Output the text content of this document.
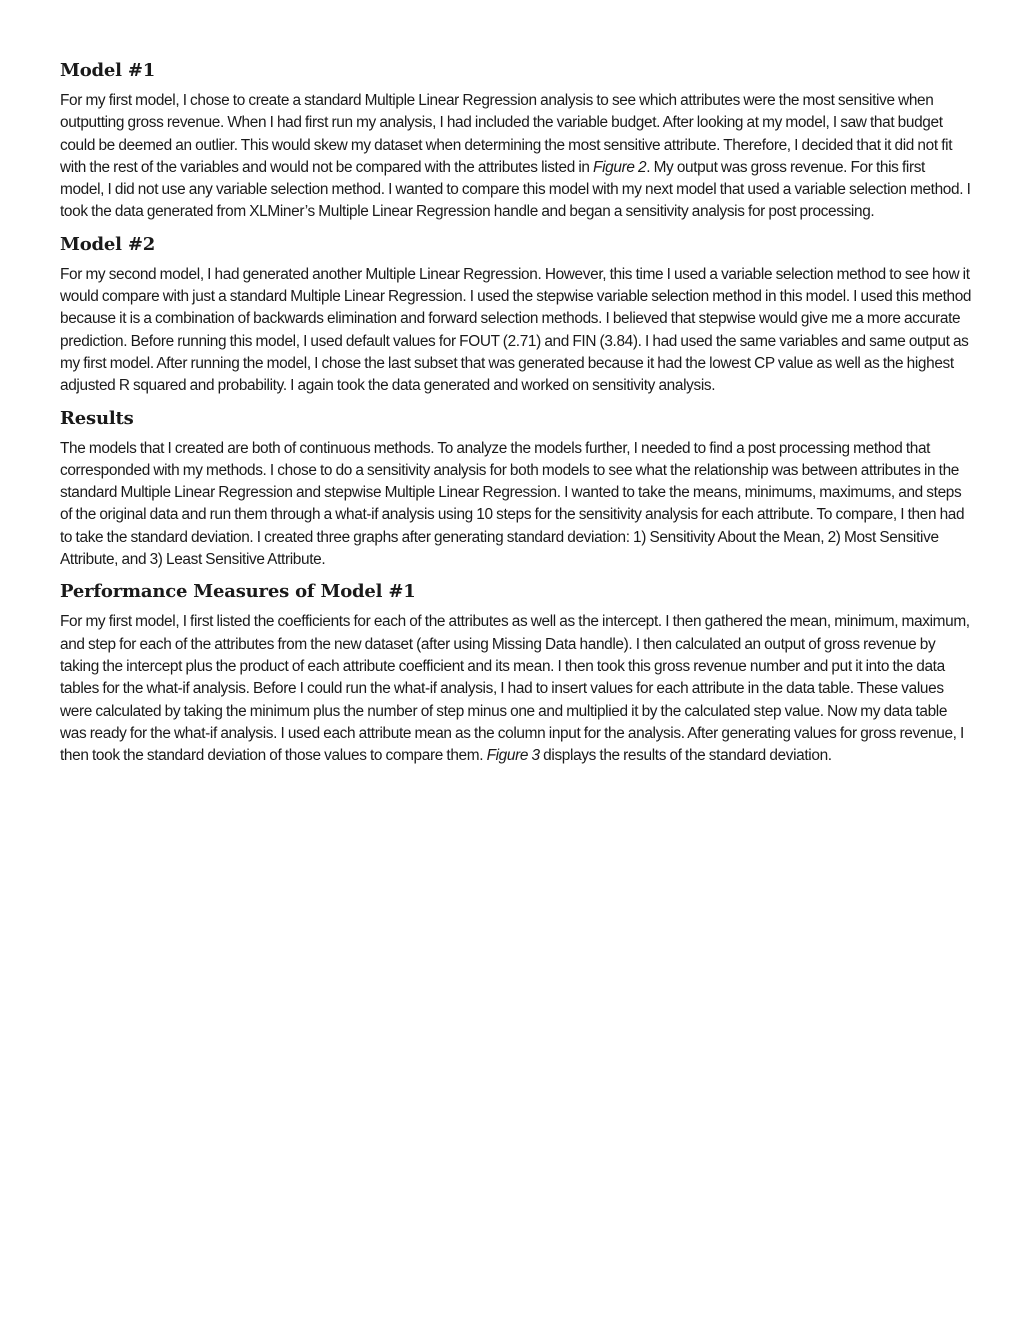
Model #1

For my first model, I chose to create a standard Multiple Linear Regression analysis to see which attributes were the most sensitive when outputting gross revenue. When I had first run my analysis, I had included the variable budget. After looking at my model, I saw that budget could be deemed an outlier. This would skew my dataset when determining the most sensitive attribute. Therefore, I decided that it did not fit with the rest of the variables and would not be compared with the attributes listed in Figure 2. My output was gross revenue. For this first model, I did not use any variable selection method. I wanted to compare this model with my next model that used a variable selection method. I took the data generated from XLMiner’s Multiple Linear Regression handle and began a sensitivity analysis for post processing.

Model #2

For my second model, I had generated another Multiple Linear Regression. However, this time I used a variable selection method to see how it would compare with just a standard Multiple Linear Regression. I used the stepwise variable selection method in this model. I used this method because it is a combination of backwards elimination and forward selection methods. I believed that stepwise would give me a more accurate prediction. Before running this model, I used default values for FOUT (2.71) and FIN (3.84). I had used the same variables and same output as my first model. After running the model, I chose the last subset that was generated because it had the lowest CP value as well as the highest adjusted R squared and probability. I again took the data generated and worked on sensitivity analysis.

Results

The models that I created are both of continuous methods. To analyze the models further, I needed to find a post processing method that corresponded with my methods. I chose to do a sensitivity analysis for both models to see what the relationship was between attributes in the standard Multiple Linear Regression and stepwise Multiple Linear Regression. I wanted to take the means, minimums, maximums, and steps of the original data and run them through a what-if analysis using 10 steps for the sensitivity analysis for each attribute. To compare, I then had to take the standard deviation. I created three graphs after generating standard deviation: 1) Sensitivity About the Mean, 2) Most Sensitive Attribute, and 3) Least Sensitive Attribute.

Performance Measures of Model #1

For my first model, I first listed the coefficients for each of the attributes as well as the intercept. I then gathered the mean, minimum, maximum, and step for each of the attributes from the new dataset (after using Missing Data handle). I then calculated an output of gross revenue by taking the intercept plus the product of each attribute coefficient and its mean. I then took this gross revenue number and put it into the data tables for the what-if analysis. Before I could run the what-if analysis, I had to insert values for each attribute in the data table. These values were calculated by taking the minimum plus the number of step minus one and multiplied it by the calculated step value. Now my data table was ready for the what-if analysis. I used each attribute mean as the column input for the analysis. After generating values for gross revenue, I then took the standard deviation of those values to compare them. Figure 3 displays the results of the standard deviation.
